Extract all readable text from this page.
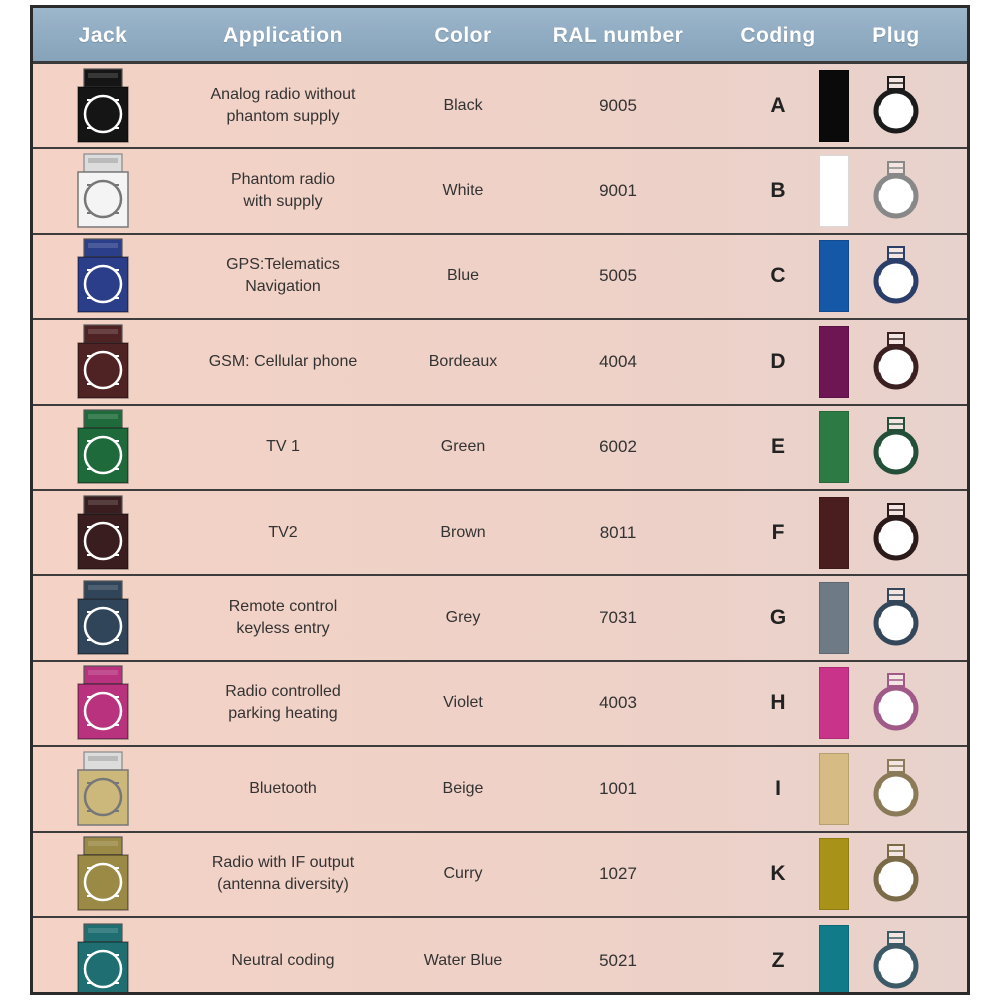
Jack	Application	Color	RAL number	Coding	Plug
Analog radio without
phantom supply
Black	9005	A
Phantom radio
with supply
White	9001	B
GPS:Telematics
Navigation
Blue	5005	C
GSM: Cellular phone	Bordeaux	4004	D
TV 1	Green	6002	E
TV2	Brown	8011	F
Remote control
keyless entry
Grey	7031	G
Radio controlled
parking heating
Violet	4003	H
Bluetooth	Beige	1001	I
Radio with IF output
(antenna diversity)
Curry	1027	K
Neutral coding	Water Blue	5021	Z
